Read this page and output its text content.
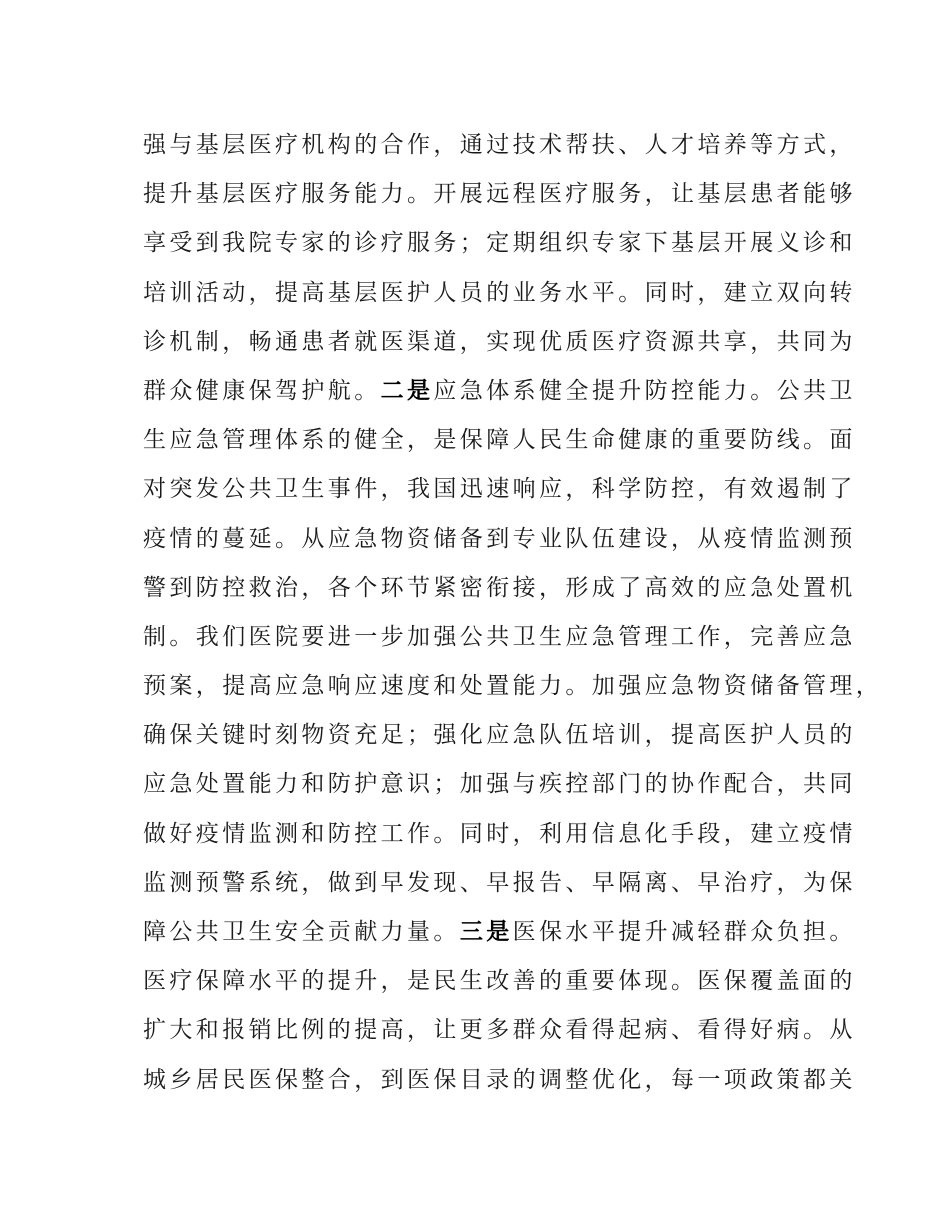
强与基层医疗机构的合作，通过技术帮扶、人才培养等方式，
提升基层医疗服务能力。开展远程医疗服务，让基层患者能够
享受到我院专家的诊疗服务；定期组织专家下基层开展义诊和
培训活动，提高基层医护人员的业务水平。同时，建立双向转
诊机制，畅通患者就医渠道，实现优质医疗资源共享，共同为
群众健康保驾护航。二是应急体系健全提升防控能力。公共卫
生应急管理体系的健全，是保障人民生命健康的重要防线。面
对突发公共卫生事件，我国迅速响应，科学防控，有效遏制了
疫情的蔓延。从应急物资储备到专业队伍建设，从疫情监测预
警到防控救治，各个环节紧密衔接，形成了高效的应急处置机
制。我们医院要进一步加强公共卫生应急管理工作，完善应急
预案，提高应急响应速度和处置能力。加强应急物资储备管理，
确保关键时刻物资充足；强化应急队伍培训，提高医护人员的
应急处置能力和防护意识；加强与疾控部门的协作配合，共同
做好疫情监测和防控工作。同时，利用信息化手段，建立疫情
监测预警系统，做到早发现、早报告、早隔离、早治疗，为保
障公共卫生安全贡献力量。三是医保水平提升减轻群众负担。
医疗保障水平的提升，是民生改善的重要体现。医保覆盖面的
扩大和报销比例的提高，让更多群众看得起病、看得好病。从
城乡居民医保整合，到医保目录的调整优化，每一项政策都关
